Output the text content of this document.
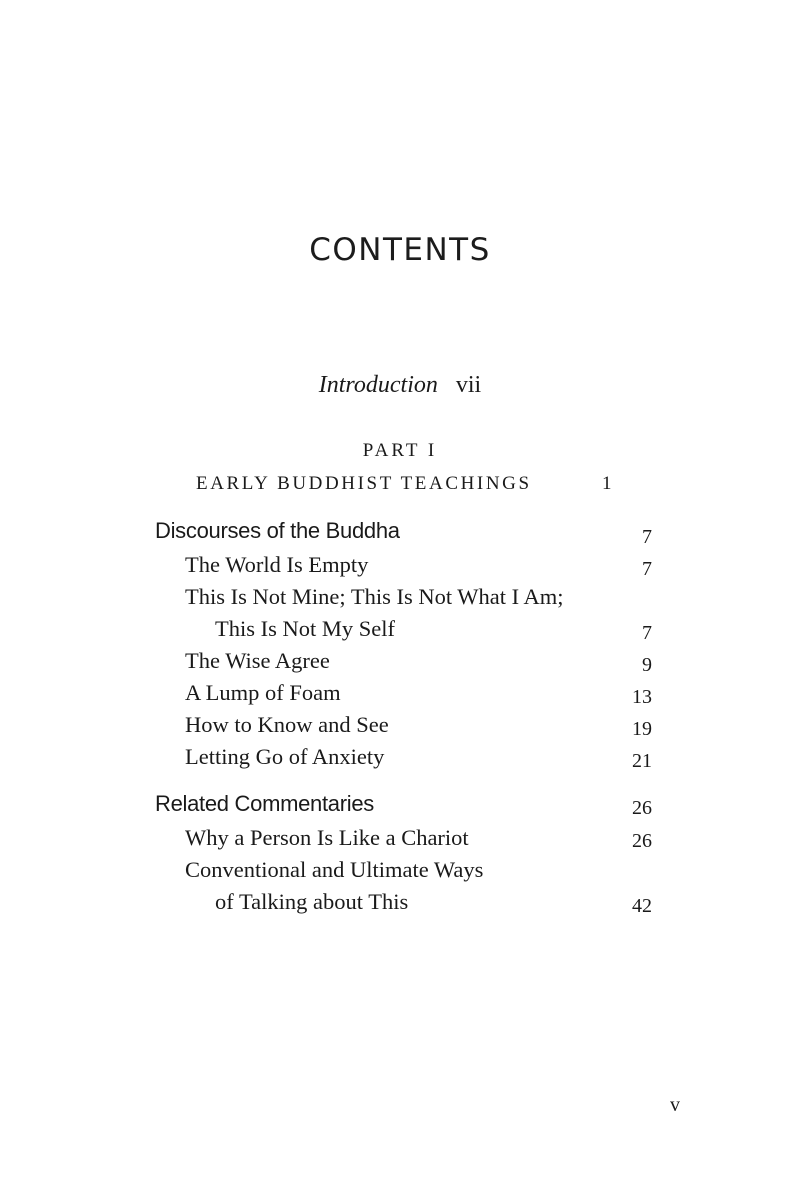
CONTENTS
Introduction vii
PART I
EARLY BUDDHIST TEACHINGS	1
Discourses of the Buddha	7
The World Is Empty	7
This Is Not Mine; This Is Not What I Am;
This Is Not My Self	7
The Wise Agree	9
A Lump of Foam	13
How to Know and See	19
Letting Go of Anxiety	21
Related Commentaries	26
Why a Person Is Like a Chariot	26
Conventional and Ultimate Ways
of Talking about This	42
v
